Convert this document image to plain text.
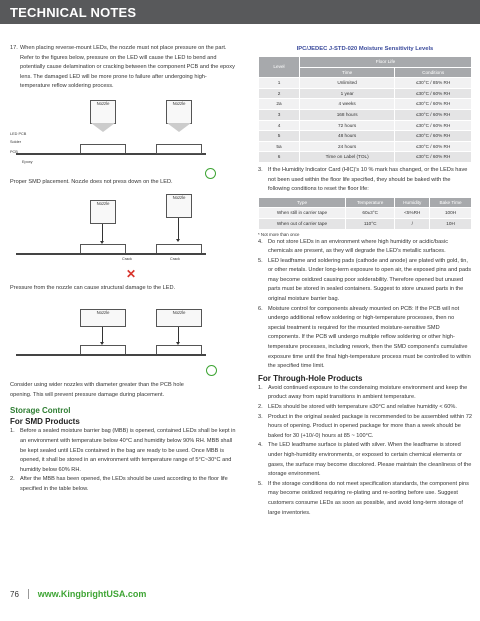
TECHNICAL NOTES
17. When placing reverse-mount LEDs, the nozzle must not place pressure on the part. Refer to the figures below, pressure on the LED will cause the LED to bend and potentially cause delamination or cracking between the component PCB and the epoxy lens. The damaged LED will be more prone to failure after undergoing high-temperature reflow soldering process.
Nozzle	Nozzle
LED PCB
Solder
PCB
Epoxy

Proper SMD placement. Nozzle does not press down on the LED.

Nozzle
Nozzle
Crack	Crack
✕

Pressure from the nozzle can cause structural damage to the LED.

Nozzle	Nozzle

Consider using wider nozzles with diameter greater than the PCB hole opening. This will prevent pressure damage during placement.

Storage Control
For SMD Products
1. Before a sealed moisture barrier bag (MBB) is opened, contained LEDs shall be kept in an environment with temperature below 40°C and humidity below 90% RH. MBB shall be kept sealed until LEDs contained in the bag are ready to be used. Once MBB is opened, it shall be stored in an environment with temperature range of 5°C~30°C and humidity below 60% RH.
2. After the MBB has been opened, the LEDs should be used according to the floor life specified in the table below.
IPC/JEDEC J-STD-020 Moisture Sensitivity Levels
Level	Floor Life	
	Time	Conditions
1	Unlimited	≤30°C / 85% RH
2	1 year	≤30°C / 60% RH
2a	4 weeks	≤30°C / 60% RH
3	168 hours	≤30°C / 60% RH
4	72 hours	≤30°C / 60% RH
5	48 hours	≤30°C / 60% RH
5a	24 hours	≤30°C / 60% RH
6	Time on Label (TOL)	≤30°C / 60% RH
3. If the Humidity Indicator Card (HIC)'s 10 % mark has changed, or the LEDs have not been used within the floor life specified, they should be baked with the following conditions to reset the floor life:
Type	Temperature	Humidity	Bake Time
When still in carrier tape	60±3°C	<5%RH	100H
When out of carrier tape	110°C	/	10H
* Not more than once
4. Do not store LEDs in an environment where high humidity or acidic/basic chemicals are present, as they will degrade the LED's metallic surfaces.
5. LED leadframe and soldering pads (cathode and anode) are plated with gold, tin, or other metals. Under long-term exposure to open air, the exposed pins and pads may become oxidized causing poor solderability. Therefore opened but unused parts must be stored in sealed containers. Suggest to store unused parts in the original moisture barrier bag.
6. Moisture control for components already mounted on PCB: If the PCB will not undergo additional reflow soldering or high-temperature processes, then no special treatment is required for the mounted moisture-sensitive SMD components. If the PCB will undergo multiple reflow soldering or other high-temperature processes, including rework, then the SMD component's cumulative exposure time until the final high-temperature process must be controlled to within the specified time limit.
For Through-Hole Products
1. Avoid continued exposure to the condensing moisture environment and keep the product away from rapid transitions in ambient temperature.
2. LEDs should be stored with temperature ≤30°C and relative humidity < 60%.
3. Product in the original sealed package is recommended to be assembled within 72 hours of opening. Product in opened package for more than a week should be baked for 30 (+10/-0) hours at 85 ~ 100°C.
4. The LED leadframe surface is plated with silver. When the leadframe is stored under high-humidity environments, or exposed to certain chemical elements or gases, the surface may become discolored. Please maintain the cleanliness of the storage environment.
5. If the storage conditions do not meet specification standards, the component pins may become oxidized requiring re-plating and re-sorting before use. Suggest customers consume LEDs as soon as possible, and avoid long-term storage of large inventories.
76 www.KingbrightUSA.com
